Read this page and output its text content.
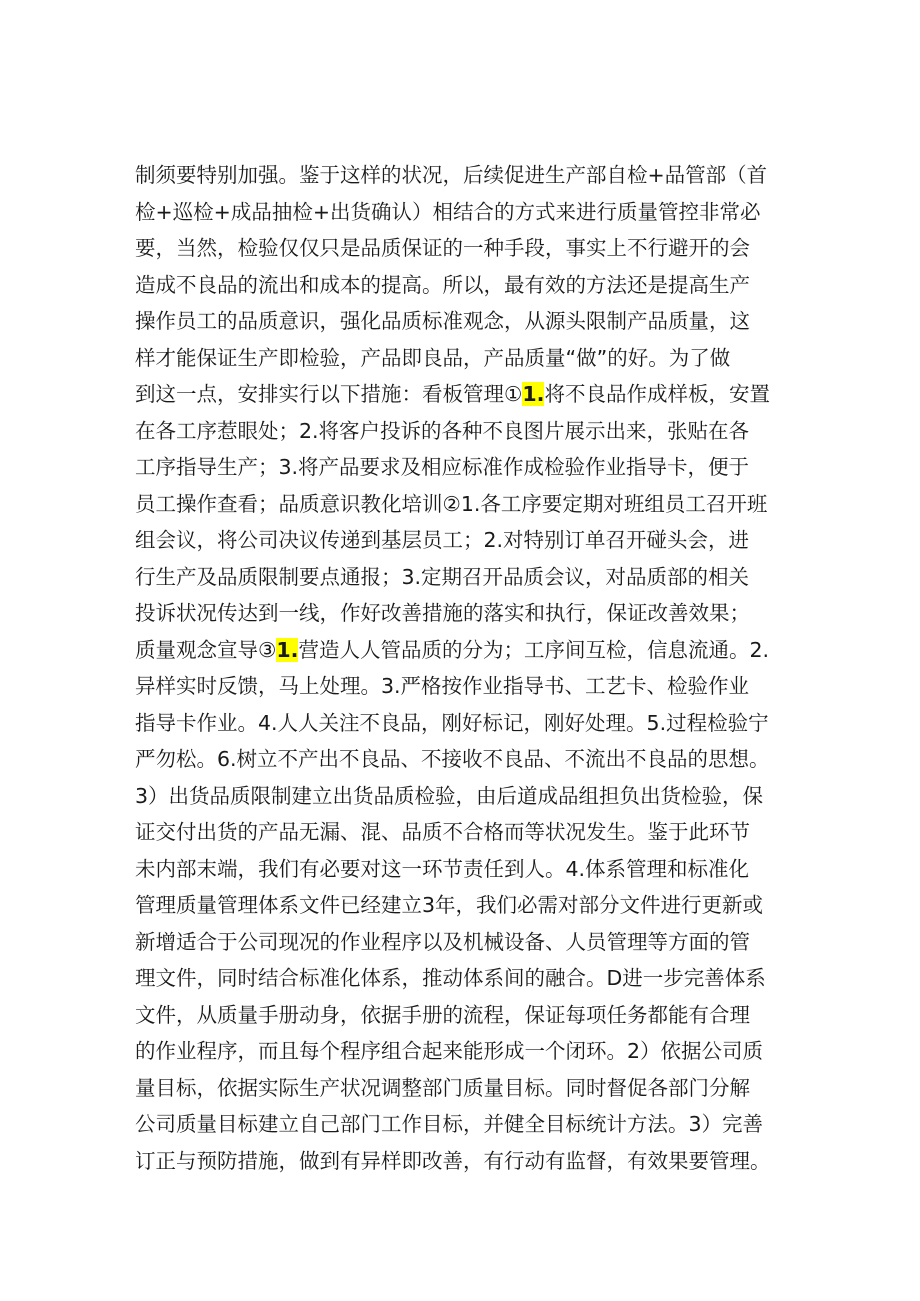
制须要特别加强。鉴于这样的状况，后续促进生产部自检+品管部（首
检+巡检+成品抽检+出货确认）相结合的方式来进行质量管控非常必
要，当然，检验仅仅只是品质保证的一种手段，事实上不行避开的会
造成不良品的流出和成本的提高。所以，最有效的方法还是提高生产
操作员工的品质意识，强化品质标准观念，从源头限制产品质量，这
样才能保证生产即检验，产品即良品，产品质量“做”的好。为了做
到这一点，安排实行以下措施：看板管理①1.将不良品作成样板，安置
在各工序惹眼处；2.将客户投诉的各种不良图片展示出来，张贴在各
工序指导生产；3.将产品要求及相应标准作成检验作业指导卡，便于
员工操作查看；品质意识教化培训②1.各工序要定期对班组员工召开班
组会议，将公司决议传递到基层员工；2.对特别订单召开碰头会，进
行生产及品质限制要点通报；3.定期召开品质会议，对品质部的相关
投诉状况传达到一线，作好改善措施的落实和执行，保证改善效果；
质量观念宣导③1.营造人人管品质的分为；工序间互检，信息流通。2.
异样实时反馈，马上处理。3.严格按作业指导书、工艺卡、检验作业
指导卡作业。4.人人关注不良品，刚好标记，刚好处理。5.过程检验宁
严勿松。6.树立不产出不良品、不接收不良品、不流出不良品的思想。
3）出货品质限制建立出货品质检验，由后道成品组担负出货检验，保
证交付出货的产品无漏、混、品质不合格而等状况发生。鉴于此环节
未内部末端，我们有必要对这一环节责任到人。4.体系管理和标准化
管理质量管理体系文件已经建立3年，我们必需对部分文件进行更新或
新增适合于公司现况的作业程序以及机械设备、人员管理等方面的管
理文件，同时结合标准化体系，推动体系间的融合。D进一步完善体系
文件，从质量手册动身，依据手册的流程，保证每项任务都能有合理
的作业程序，而且每个程序组合起来能形成一个闭环。2）依据公司质
量目标，依据实际生产状况调整部门质量目标。同时督促各部门分解
公司质量目标建立自己部门工作目标，并健全目标统计方法。3）完善
订正与预防措施，做到有异样即改善，有行动有监督，有效果要管理。
